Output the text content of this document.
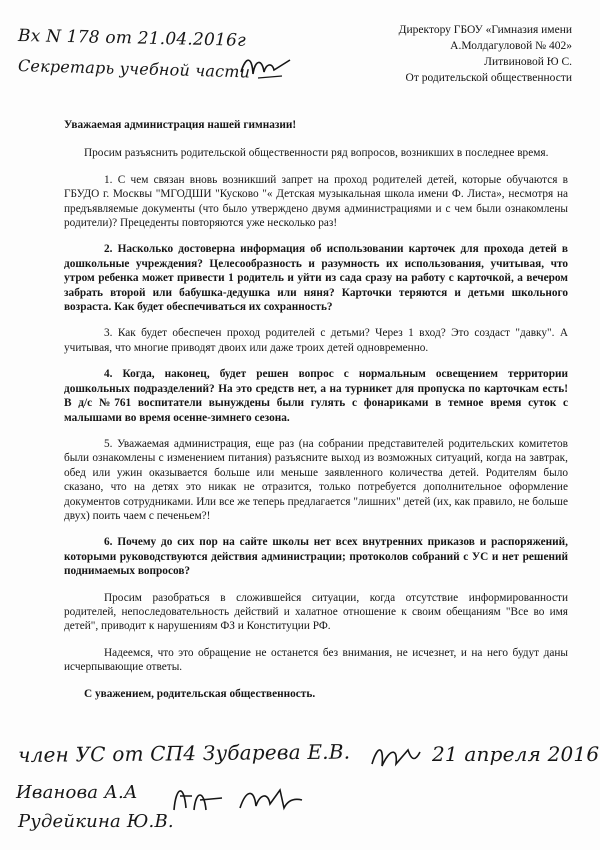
Вх N 178 от 21.04.2016г
Секретарь учебной части
Директору ГБОУ «Гимназия имени
А.Молдагуловой № 402»
Литвиновой Ю С.
От родительской общественности

Уважаемая администрация нашей гимназии!

Просим разъяснить родительской общественности ряд вопросов, возникших в последнее время.

1. С чем связан вновь возникший запрет на проход родителей детей, которые обучаются в ГБУДО г. Москвы "МГОДШИ "Кусково "« Детская музыкальная школа имени Ф. Листа», несмотря на предъявляемые документы (что было утверждено двумя администрациями и с чем были ознакомлены родители)? Прецеденты повторяются уже несколько раз!

2. Насколько достоверна информация об использовании карточек для прохода детей в дошкольные учреждения? Целесообразность и разумность их использования, учитывая, что утром ребенка может привести 1 родитель и уйти из сада сразу на работу с карточкой, а вечером забрать второй или бабушка-дедушка или няня? Карточки теряются и детьми школьного возраста. Как будет обеспечиваться их сохранность?

3. Как будет обеспечен проход родителей с детьми? Через 1 вход? Это создаст "давку". А учитывая, что многие приводят двоих или даже троих детей одновременно.

4. Когда, наконец, будет решен вопрос с нормальным освещением территории дошкольных подразделений? На это средств нет, а на турникет для пропуска по карточкам есть! В д/с №761 воспитатели вынуждены были гулять с фонариками в темное время суток с малышами во время осенне-зимнего сезона.

5. Уважаемая администрация, еще раз (на собрании представителей родительских комитетов были ознакомлены с изменением питания) разъясните выход из возможных ситуаций, когда на завтрак, обед или ужин оказывается больше или меньше заявленного количества детей. Родителям было сказано, что на детях это никак не отразится, только потребуется дополнительное оформление документов сотрудниками. Или все же теперь предлагается "лишних" детей (их, как правило, не больше двух) поить чаем с печеньем?!

6. Почему до сих пор на сайте школы нет всех внутренних приказов и распоряжений, которыми руководствуются действия администрации; протоколов собраний с УС и нет решений поднимаемых вопросов?

Просим разобраться в сложившейся ситуации, когда отсутствие информированности родителей, непоследовательность действий и халатное отношение к своим обещаниям "Все во имя детей", приводит к нарушениям ФЗ и Конституции РФ.

Надеемся, что это обращение не останется без внимания, не исчезнет, и на него будут даны исчерпывающие ответы.

С уважением, родительская общественность.

член УС от СП4 Зубарева Е.В.	21 апреля 2016
Иванова А.А
Рудейкина Ю.В.
